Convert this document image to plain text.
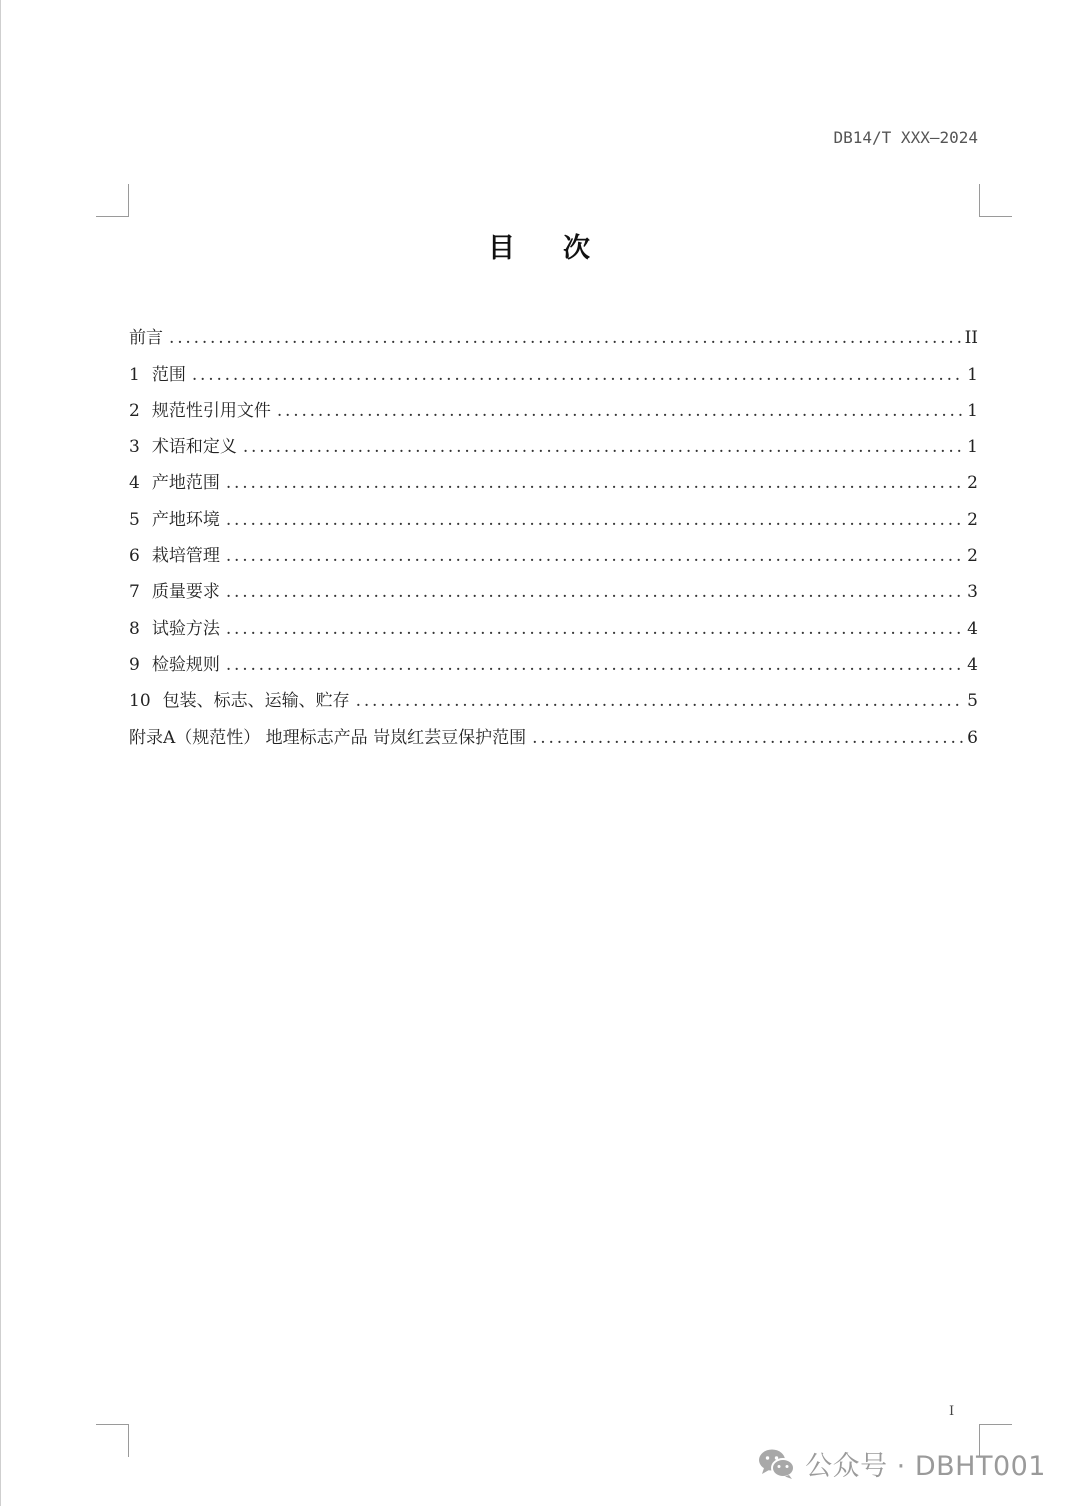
DB14/T XXX—2024
目 次
前言 .....	II
1 范围 .....	1
2 规范性引用文件 .....	1
3 术语和定义 .....	1
4 产地范围 .....	2
5 产地环境 .....	2
6 栽培管理 .....	2
7 质量要求 .....	3
8 试验方法 .....	4
9 检验规则 .....	4
10 包装、标志、运输、贮存 .....	5
附录A（规范性） 地理标志产品 岢岚红芸豆保护范围 .....	6
I
公众号 · DBHT001
